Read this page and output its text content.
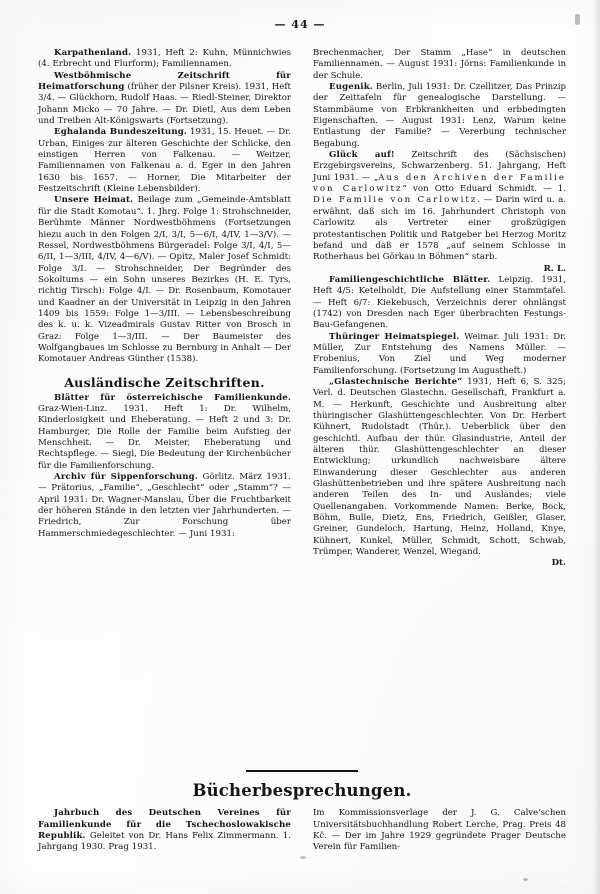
— 44 —

Karpathenland. 1931, Heft 2: Kuhn, Münnichwies (4. Erbrecht und Flurform); Familiennamen.

Westböhmische Zeitschrift für Heimatforschung (früher der Pilsner Kreis). 1931, Heft 3/4. — Glückhorn, Rudolf Haas. — Riedl-Steiner, Direktor Johann Micko — 70 Jahre. — Dr. Dietl, Aus dem Leben und Treiben Alt-Königswarts (Fortsetzung).

Eghalanda Bundeszeitung. 1931, 15. Heuet. — Dr. Urban, Einiges zur älteren Geschichte der Schlicke, den einstigen Herren von Falkenau. — Weitzer, Familiennamen von Falkenau a. d. Eger in den Jahren 1630 bis 1657. — Horner, Die Mitarbeiter der Festzeitschrift (Kleine Lebensbilder).

Unsere Heimat. Beilage zum „Gemeinde-Amtsblatt für die Stadt Komotau“. 1. Jhrg. Folge 1: Strohschneider, Berühmte Männer Nordwestböhmens (Fortsetzungen hiezu auch in den Folgen 2/I, 3/I, 5—6/I, 4/IV, 1—3/V). — Ressel, Nordwestböhmens Bürgeradel: Folge 3/I, 4/I, 5—6/II, 1—3/III, 4/IV, 4—6/V). — Opitz, Maler Josef Schmidt: Folge 3/I. — Strohschneider, Der Begründer des Sokoltums — ein Sohn unseres Bezirkes (H. E. Tyrs, richtig Tirsch): Folge 4/I. — Dr. Rosenbaum, Komotauer und Kaadner an der Universität in Leipzig in den Jahren 1409 bis 1559: Folge 1—3/III. — Lebensbeschreibung des k. u. k. Vizeadmirals Gustav Ritter von Brosch in Graz: Folge 1—3/III. — Der Baumeister des Wolfgangbaues im Schlosse zu Bernburg in Anhalt — Der Komotauer Andreas Günther (1538).

Ausländische Zeitschriften.

Blätter für österreichische Familienkunde. Graz-Wien-Linz. 1931. Heft 1: Dr. Wilhelm, Kinderlosigkeit und Eheberatung. — Heft 2 und 3: Dr. Hamburger, Die Rolle der Familie beim Aufstieg der Menschheit. — Dr. Meister, Eheberatung und Rechtspflege. — Siegl, Die Bedeutung der Kirchenbücher für die Familienforschung.

Archiv für Sippenforschung. Görlitz. März 1931. — Prätorius, „Familie“, „Geschlecht“ oder „Stamm“? — April 1931: Dr. Wagner-Manslau, Über die Fruchtbarkeit der höheren Stände in den letzten vier Jahrhunderten. — Friedrich, Zur Forschung über Hammerschmiedegeschlechter. — Juni 1931:

Brechenmacher, Der Stamm „Hase“ in deutschen Familiennamen. — August 1931: Jörns: Familienkunde in der Schule.

Eugenik. Berlin, Juli 1931: Dr. Czellitzer, Das Prinzip der Zeittafeln für genealogische Darstellung. — Stammbäume von Erbkrankheiten und erbbedingten Eigenschaften. — August 1931: Lenz, Warum keine Entlastung der Familie? — Vererbung technischer Begabung.

Glück auf! Zeitschrift des (Sächsischen) Erzgebirgsvereins, Schwarzenberg. 51. Jahrgang, Heft Juni 1931. — „Aus den Archiven der Familie von Carlowitz“ von Otto Eduard Schmidt. — 1. Die Familie von Carlowitz. — Darin wird u. a. erwähnt, daß sich im 16. Jahrhundert Christoph von Carlowitz als Vertreter einer großzügigen protestantischen Politik und Ratgeber bei Herzog Moritz befand und daß er 1578 „auf seinem Schlosse in Rotherhaus bei Görkau in Böhmen“ starb.
R. L.

Familiengeschichtliche Blätter. Leipzig. 1931, Heft 4/5: Ketelholdt, Die Aufstellung einer Stammtafel. — Heft 6/7: Kiekebusch, Verzeichnis derer ohnlängst (1742) von Dresden nach Eger überbrachten Festungs-Bau-Gefangenen.

Thüringer Heimatspiegel. Weimar. Juli 1931: Dr. Müller, Zur Entstehung des Namens Müller. — Frobenius, Von Ziel und Weg moderner Familienforschung. (Fortsetzung im Augustheft.)

„Glastechnische Berichte“ 1931, Heft 6, S. 325; Verl. d. Deutschen Glastechn. Gesellschaft, Frankfurt a. M. — Herkunft, Geschichte und Ausbreitung alter thüringischer Glashüttengeschlechter. Von Dr. Herbert Kühnert, Rudolstadt (Thür.). Ueberblick über den geschichtl. Aufbau der thür. Glasindustrie, Anteil der älteren thür. Glashüttengeschlechter an dieser Entwicklung; urkundlich nachweisbare ältere Einwanderung dieser Geschlechter aus anderen Glashüttenbetrieben und ihre spätere Ausbreitung nach anderen Teilen des In- und Auslandes; viele Quellenangaben. Vorkommende Namen: Berke, Bock, Böhm, Bulle, Dietz, Ens, Friedrich, Geißler, Glaser, Greiner, Gundeloch, Hartung, Heinz, Holland, Knye, Kühnert, Kunkel, Müller, Schmidt, Schott, Schwab, Trümper, Wanderer, Wenzel, Wiegand.
Dt.

Bücherbesprechungen.

Jahrbuch des Deutschen Vereines für Familienkunde für die Tschechoslowakische Republik. Geleitet von Dr. Hans Felix Zimmermann. 1. Jahrgang 1930. Prag 1931.

Im Kommissionsverlage der J. G. Calve'schen Universitätsbuchhandlung Robert Lerche, Prag. Preis 48 Kč. — Der im Jahre 1929 gegründete Prager Deutsche Verein für Familien-
